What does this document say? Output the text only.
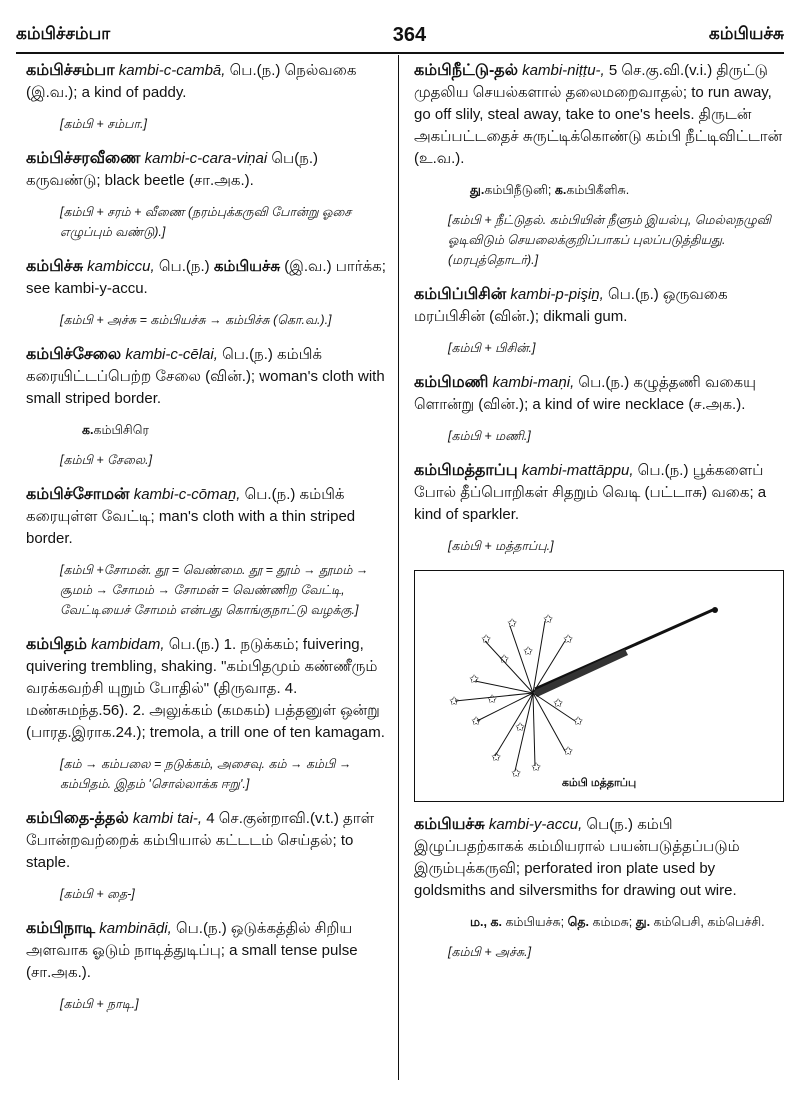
கம்பிச்சம்பா	364	கம்பியச்சு
கம்பிச்சம்பா kambi-c-cambā, பெ.(ந.) நெல்வகை (இ.வ.); a kind of paddy.
[கம்பி + சம்பா.]
கம்பிச்சரவீணை kambi-c-cara-viṇai பெ(ந.) கருவண்டு; black beetle (சா.அக.).
[கம்பி + சரம் + வீணை (நரம்புக்கருவி போன்று ஓசை எழுப்பும் வண்டு).]
கம்பிச்சு kambiccu, பெ.(ந.) கம்பியச்சு (இ.வ.) பார்க்க; see kambi-y-accu.
[கம்பி + அச்சு = கம்பியச்சு → கம்பிச்சு (கொ.வ.).]
கம்பிச்சேலை kambi-c-cēlai, பெ.(ந.) கம்பிக் கரையிட்டப்பெற்ற சேலை (வின்.); woman's cloth with small striped border.
க.கம்பிசிரெ
[கம்பி + சேலை.]
கம்பிச்சோமன் kambi-c-cōmaṉ, பெ.(ந.) கம்பிக் கரையுள்ள வேட்டி; man's cloth with a thin striped border.
[கம்பி +சோமன். தூ = வெண்மை. தூ = தூம் → தூமம் → சூமம் → சோமம் → சோமன் = வெண்ணிற வேட்டி, வேட்டியைச் சோமம் என்பது கொங்குநாட்டு வழக்கு.]
கம்பிதம் kambidam, பெ.(ந.) 1. நடுக்கம்; fuivering, quivering trembling, shaking. "கம்பிதமும் கண்ணீரும் வரக்கவற்சி யுறும் போதில்" (திருவாத. 4. மண்சுமந்த.56). 2. அலுக்கம் (கமகம்) பத்தனுள் ஒன்று (பாரத.இராக.24.); tremola, a trill one of ten kamagam.
[கம் → கம்பலை = நடுக்கம், அசைவு. கம் → கம்பி → கம்பிதம். இதம் 'சொல்லாக்க ஈறு'.]
கம்பிதை-த்தல் kambi tai-, 4 செ.குன்றாவி.(v.t.) தாள் போன்றவற்றைக் கம்பியால் கட்டடம் செய்தல்; to staple.
[கம்பி + தை-]
கம்பிநாடி kambināḍi, பெ.(ந.) ஒடுக்கத்தில் சிறிய அளவாக ஓடும் நாடித்துடிப்பு; a small tense pulse (சா.அக.).
[கம்பி + நாடி.]
கம்பிநீட்டு-தல் kambi-niṭṭu-, 5 செ.கு.வி.(v.i.) திருட்டு முதலிய செயல்களால் தலைமறைவாதல்; to run away, go off slily, steal away, take to one's heels. திருடன் அகப்பட்டதைச் சுருட்டிக்கொண்டு கம்பி நீட்டிவிட்டான் (உ.வ.).
து.கம்பிநீடுனி; க.கம்பிகீளிசு.
[கம்பி + நீட்டுதல். கம்பியின் நீளும் இயல்பு, மெல்லநழுவி ஓடிவிடும் செயலைக்குறிப்பாகப் புலப்படுத்தியது. (மரபுத்தொடர்).]
கம்பிப்பிசின் kambi-p-pişiṉ, பெ.(ந.) ஒருவகை மரப்பிசின் (வின்.); dikmali gum.
[கம்பி + பிசின்.]
கம்பிமணி kambi-maṇi, பெ.(ந.) கழுத்தணி வகையு ளொன்று (வின்.); a kind of wire necklace (ச.அக.).
[கம்பி + மணி.]
கம்பிமத்தாப்பு kambi-mattāppu, பெ.(ந.) பூக்களைப் போல் தீப்பொறிகள் சிதறும் வெடி (பட்டாசு) வகை; a kind of sparkler.
[கம்பி + மத்தாப்பு.]
✩
✩ ✩
✩
✩
✩
✩
✩
✩
✩
✩
✩
✩
✩
✩
✩
✩
கம்பி மத்தாப்பு
கம்பியச்சு kambi-y-accu, பெ(ந.) கம்பி இழுப்பதற்காகக் கம்மியரால் பயன்படுத்தப்படும் இரும்புக்கருவி; perforated iron plate used by goldsmiths and silversmiths for drawing out wire.
ம., க. கம்பியச்சு; தெ. கம்மசு; து. கம்பெசி, கம்பெச்சி.
[கம்பி + அச்சு.]
